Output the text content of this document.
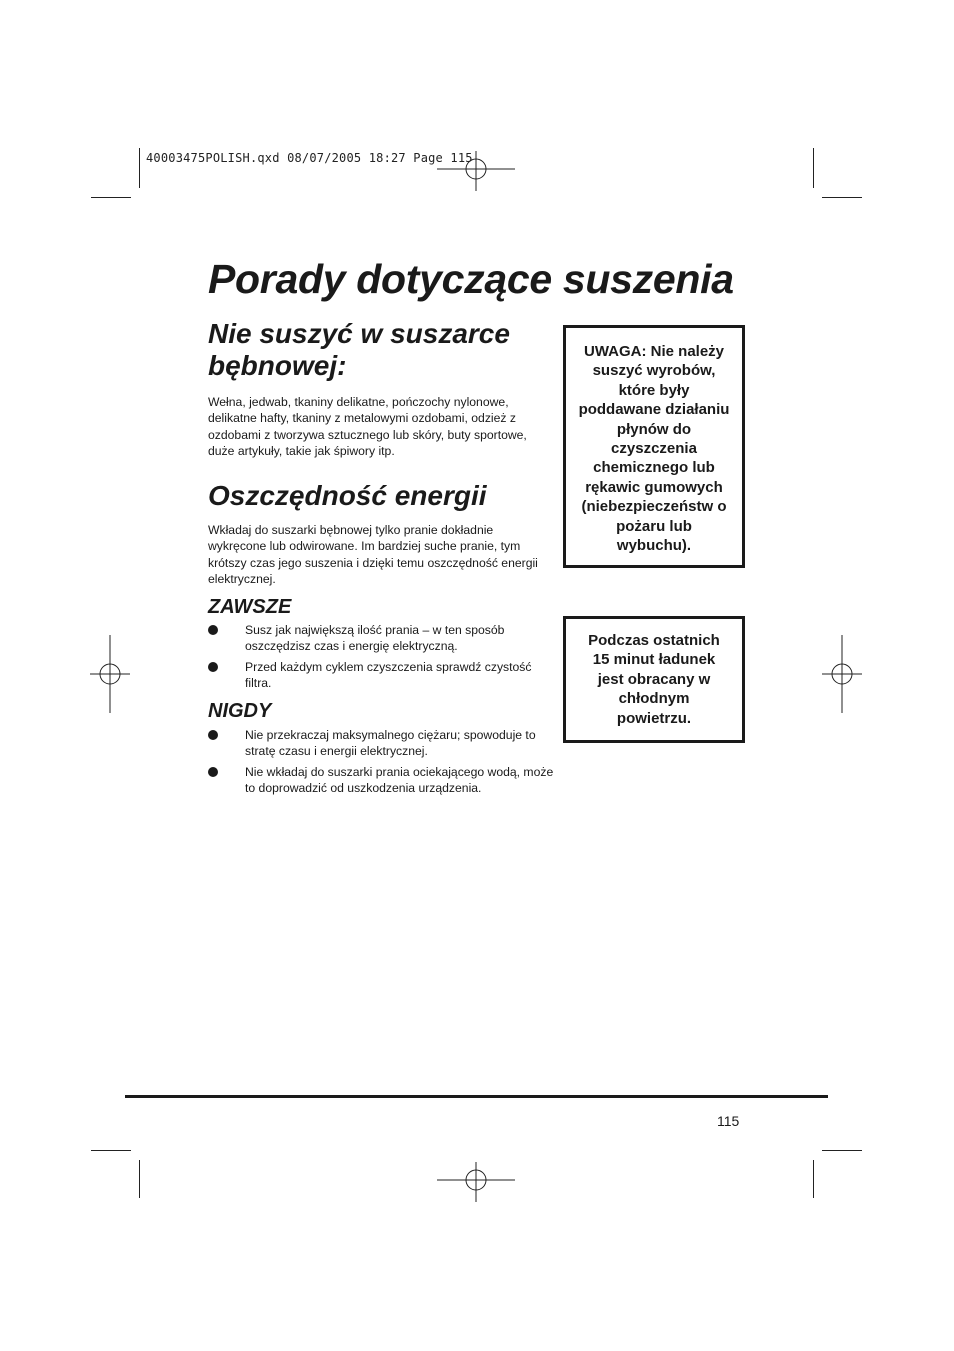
40003475POLISH.qxd 08/07/2005 18:27 Page 115
Porady dotyczące suszenia
Nie suszyć w suszarce bębnowej:
Wełna, jedwab, tkaniny delikatne, pończochy nylonowe, delikatne hafty, tkaniny z metalowymi ozdobami, odzież z ozdobami z tworzywa sztucznego lub skóry, buty sportowe, duże artykuły, takie jak śpiwory itp.
Oszczędność energii
Wkładaj do suszarki bębnowej tylko pranie dokładnie wykręcone lub odwirowane. Im bardziej suche pranie, tym krótszy czas jego suszenia i dzięki temu oszczędność energii elektrycznej.
ZAWSZE
Susz jak największą ilość prania – w ten sposób oszczędzisz czas i energię elektryczną.
Przed każdym cyklem czyszczenia sprawdź czystość filtra.
NIGDY
Nie przekraczaj maksymalnego ciężaru; spowoduje to stratę czasu i energii elektrycznej.
Nie wkładaj do suszarki prania ociekającego wodą, może to doprowadzić od uszkodzenia urządzenia.
UWAGA: Nie należy suszyć wyrobów, które były poddawane działaniu płynów do czyszczenia chemicznego lub rękawic gumowych (niebezpieczeństw o pożaru lub wybuchu).
Podczas ostatnich 15 minut ładunek jest obracany w chłodnym powietrzu.
115
